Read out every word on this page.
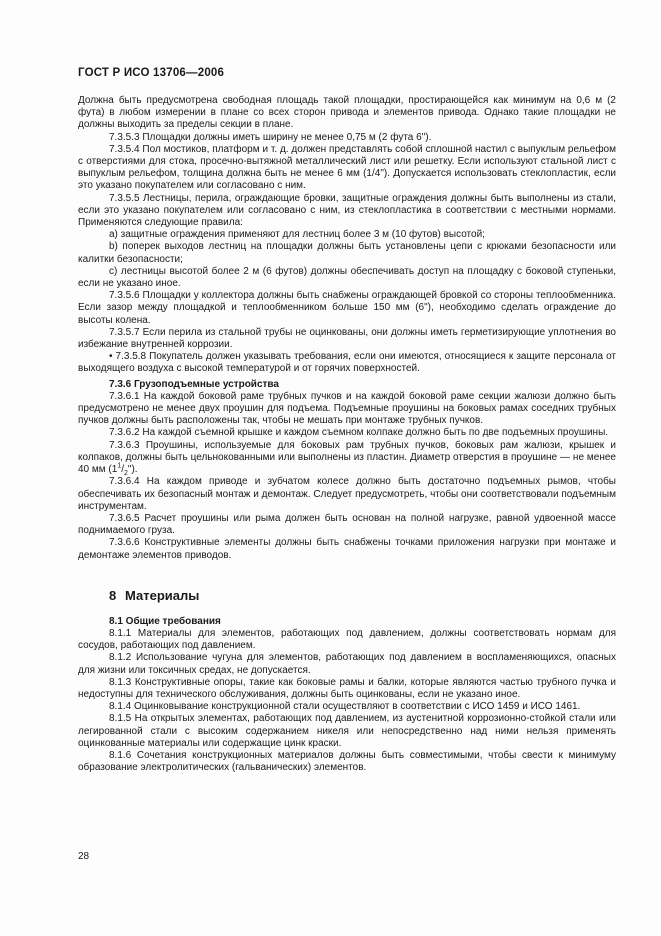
ГОСТ Р ИСО 13706—2006

Должна быть предусмотрена свободная площадь такой площадки, простирающейся как минимум на 0,6 м (2 фута) в любом измерении в плане со всех сторон привода и элементов привода. Однако такие площадки не должны выходить за пределы секции в плане.

7.3.5.3 Площадки должны иметь ширину не менее 0,75 м (2 фута 6").

7.3.5.4 Пол мостиков, платформ и т. д. должен представлять собой сплошной настил с выпуклым рельефом с отверстиями для стока, просечно-вытяжной металлический лист или решетку. Если используют стальной лист с выпуклым рельефом, толщина должна быть не менее 6 мм (1/4"). Допускается использовать стеклопластик, если это указано покупателем или согласовано с ним.

7.3.5.5 Лестницы, перила, ограждающие бровки, защитные ограждения должны быть выполнены из стали, если это указано покупателем или согласовано с ним, из стеклопластика в соответствии с местными нормами. Применяются следующие правила:

a) защитные ограждения применяют для лестниц более 3 м (10 футов) высотой;

b) поперек выходов лестниц на площадки должны быть установлены цепи с крюками безопасности или калитки безопасности;

c) лестницы высотой более 2 м (6 футов) должны обеспечивать доступ на площадку с боковой ступеньки, если не указано иное.

7.3.5.6 Площадки у коллектора должны быть снабжены ограждающей бровкой со стороны теплообменника. Если зазор между площадкой и теплообменником больше 150 мм (6"), необходимо сделать ограждение до высоты колена.

7.3.5.7 Если перила из стальной трубы не оцинкованы, они должны иметь герметизирующие уплотнения во избежание внутренней коррозии.

• 7.3.5.8 Покупатель должен указывать требования, если они имеются, относящиеся к защите персонала от выходящего воздуха с высокой температурой и от горячих поверхностей.

7.3.6 Грузоподъемные устройства

7.3.6.1 На каждой боковой раме трубных пучков и на каждой боковой раме секции жалюзи должно быть предусмотрено не менее двух проушин для подъема. Подъемные проушины на боковых рамах соседних трубных пучков должны быть расположены так, чтобы не мешать при монтаже трубных пучков.

7.3.6.2 На каждой съемной крышке и каждом съемном колпаке должно быть по две подъемных проушины.

7.3.6.3 Проушины, используемые для боковых рам трубных пучков, боковых рам жалюзи, крышек и колпаков, должны быть цельнокованными или выполнены из пластин. Диаметр отверстия в проушине — не менее 40 мм $(1^1/_2")$.

7.3.6.4 На каждом приводе и зубчатом колесе должно быть достаточно подъемных рымов, чтобы обеспечивать их безопасный монтаж и демонтаж. Следует предусмотреть, чтобы они соответствовали подъемным инструментам.

7.3.6.5 Расчет проушины или рыма должен быть основан на полной нагрузке, равной удвоенной массе поднимаемого груза.

7.3.6.6 Конструктивные элементы должны быть снабжены точками приложения нагрузки при монтаже и демонтаже элементов приводов.

8 Материалы

8.1 Общие требования

8.1.1 Материалы для элементов, работающих под давлением, должны соответствовать нормам для сосудов, работающих под давлением.

8.1.2 Использование чугуна для элементов, работающих под давлением в воспламеняющихся, опасных для жизни или токсичных средах, не допускается.

8.1.3 Конструктивные опоры, такие как боковые рамы и балки, которые являются частью трубного пучка и недоступны для технического обслуживания, должны быть оцинкованы, если не указано иное.

8.1.4 Оцинковывание конструкционной стали осуществляют в соответствии с ИСО 1459 и ИСО 1461.

8.1.5 На открытых элементах, работающих под давлением, из аустенитной коррозионно-стойкой стали или легированной стали с высоким содержанием никеля или непосредственно над ними нельзя применять оцинкованные материалы или содержащие цинк краски.

8.1.6 Сочетания конструкционных материалов должны быть совместимыми, чтобы свести к минимуму образование электролитических (гальванических) элементов.

28
